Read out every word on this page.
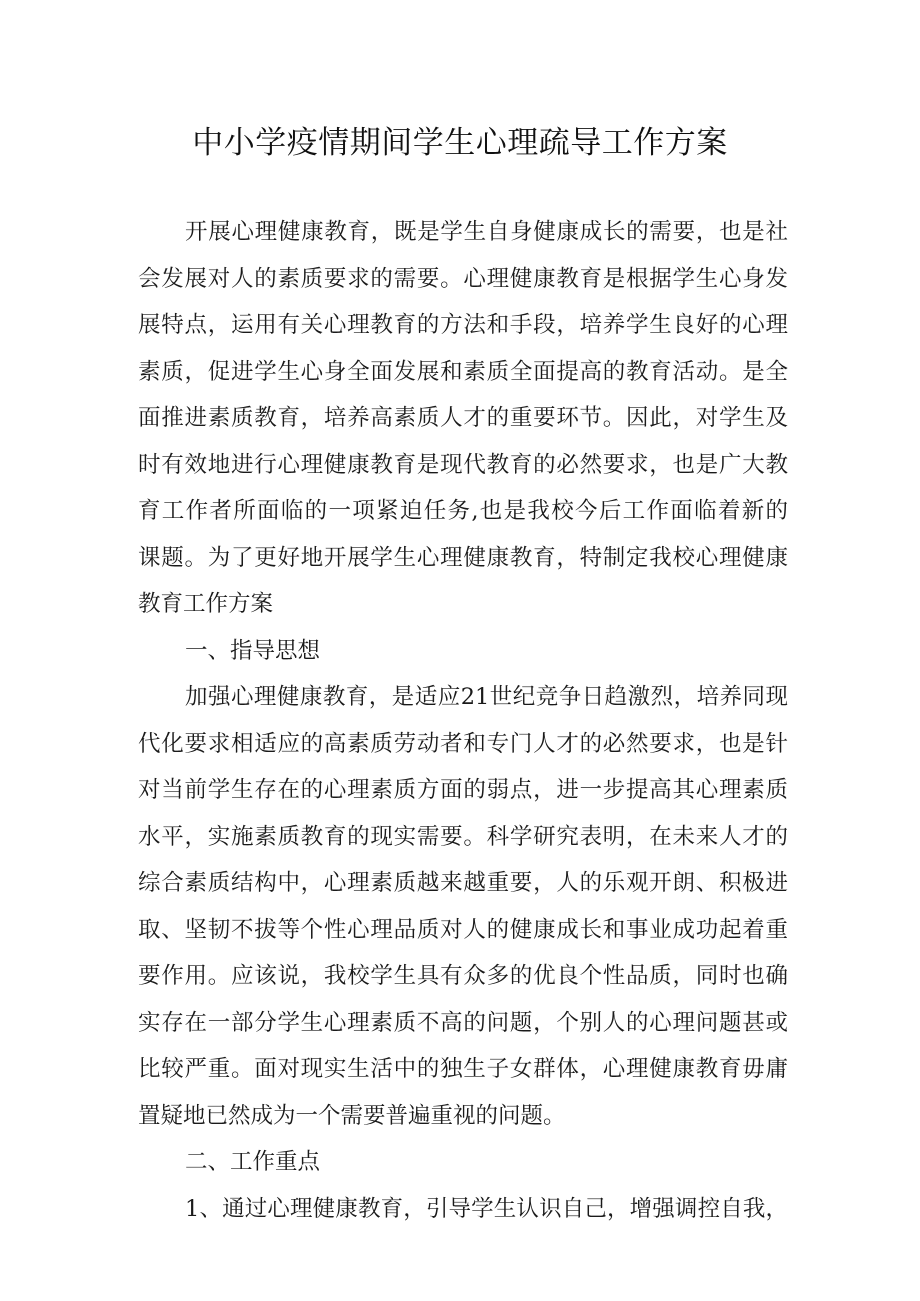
中小学疫情期间学生心理疏导工作方案
开展心理健康教育，既是学生自身健康成长的需要，也是社
会发展对人的素质要求的需要。心理健康教育是根据学生心身发
展特点，运用有关心理教育的方法和手段，培养学生良好的心理
素质，促进学生心身全面发展和素质全面提高的教育活动。是全
面推进素质教育，培养高素质人才的重要环节。因此，对学生及
时有效地进行心理健康教育是现代教育的必然要求，也是广大教
育工作者所面临的一项紧迫任务,也是我校今后工作面临着新的
课题。为了更好地开展学生心理健康教育，特制定我校心理健康
教育工作方案
一、指导思想
加强心理健康教育，是适应21世纪竞争日趋激烈，培养同现
代化要求相适应的高素质劳动者和专门人才的必然要求，也是针
对当前学生存在的心理素质方面的弱点，进一步提高其心理素质
水平，实施素质教育的现实需要。科学研究表明，在未来人才的
综合素质结构中，心理素质越来越重要，人的乐观开朗、积极进
取、坚韧不拔等个性心理品质对人的健康成长和事业成功起着重
要作用。应该说，我校学生具有众多的优良个性品质，同时也确
实存在一部分学生心理素质不高的问题，个别人的心理问题甚或
比较严重。面对现实生活中的独生子女群体，心理健康教育毋庸
置疑地已然成为一个需要普遍重视的问题。
二、工作重点
1、通过心理健康教育，引导学生认识自己，增强调控自我，
